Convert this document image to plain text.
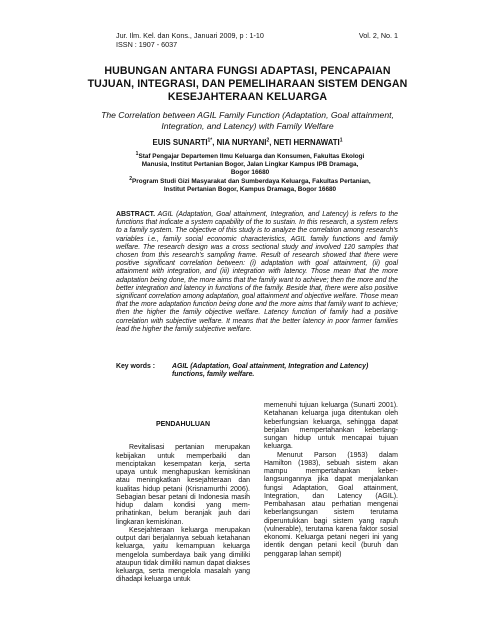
Jur. Ilm. Kel. dan Kons., Januari 2009, p : 1-10
ISSN : 1907 - 6037
Vol. 2, No. 1
HUBUNGAN ANTARA FUNGSI ADAPTASI, PENCAPAIAN
TUJUAN, INTEGRASI, DAN PEMELIHARAAN SISTEM DENGAN
KESEJAHTERAAN KELUARGA
The Correlation between AGIL Family Function (Adaptation, Goal attainment,
Integration, and Latency) with Family Welfare
EUIS $SUNARTI^{1*}$, NIA NURYANI$^2$, NETI HERNAWATI$^1$

$^1$Staf Pengajar Departemen Ilmu Keluarga dan Konsumen, Fakultas Ekologi

Manusia, Institut Pertanian Bogor, Jalan Lingkar Kampus IPB Dramaga,

Bogor 16680

$^2$Program Studi Gizi Masyarakat dan Sumberdaya Keluarga, Fakultas Pertanian,

Institut Pertanian Bogor, Kampus Dramaga, Bogor 16680

ABSTRACT. AGIL (Adaptation, Goal attainment, Integration, and Latency) is refers to the functions that indicate a system capability of the to sustain. In this research, a system refers to a family system. The objective of this study is to analyze the correlation among research's variables i.e., family social economic characteristics, AGIL family functions and family welfare. The research design was a cross sectional study and involved 120 samples that chosen from this research's sampling frame. Result of research showed that there were positive significant correlation between: (i) adaptation with goal attainment, (ii) goal attainment with integration, and (iii) integration with latency. Those mean that the more adaptation being done, the more aims that the family want to achieve; then the more and the better integration and latency in functions of the family. Beside that, there were also positive significant correlation among adaptation, goal attainment and objective welfare. Those mean that the more adaptation function being done and the more aims that family want to achieve; then the higher the family objective welfare. Latency function of family had a positive correlation with subjective welfare. It means that the better latency in poor farmer families lead the higher the family subjective welfare.

Key words : AGIL (Adaptation, Goal attainment, Integration and Latency)
functions, family welfare.
PENDAHULUAN

Revitalisasi pertanian merupakan kebijakan untuk memperbaiki dan menciptakan kesempatan kerja, serta upaya untuk menghapuskan kemiskinan atau meningkatkan kesejahteraan dan kualitas hidup petani (Krisnamurthi 2006). Sebagian besar petani di Indonesia masih hidup dalam kondisi yang mem-prihatinkan, belum beranjak jauh dari lingkaran kemiskinan.

Kesejahteraan keluarga merupakan output dari berjalannya sebuah ketahanan keluarga, yaitu kemampuan keluarga mengelola sumberdaya baik yang dimiliki ataupun tidak dimiliki namun dapat diakses keluarga, serta mengelola masalah yang dihadapi keluarga untuk

memenuhi tujuan keluarga (Sunarti 2001). Ketahanan keluarga juga ditentukan oleh keberfungsian keluarga, sehingga dapat berjalan mempertahankan keberlang-sungan hidup untuk mencapai tujuan keluarga.

Menurut Parson (1953) dalam Hamilton (1983), sebuah sistem akan mampu mempertahankan keber-langsungannya jika dapat menjalankan fungsi Adaptation, Goal attainment, Integration, dan Latency (AGIL). Pembahasan atau perhatian mengenai keberlangsungan sistem terutama diperuntukkan bagi sistem yang rapuh (vulnerable), terutama karena faktor sosial ekonomi. Keluarga petani negeri ini yang identik dengan petani kecil (buruh dan penggarap lahan sempit)
